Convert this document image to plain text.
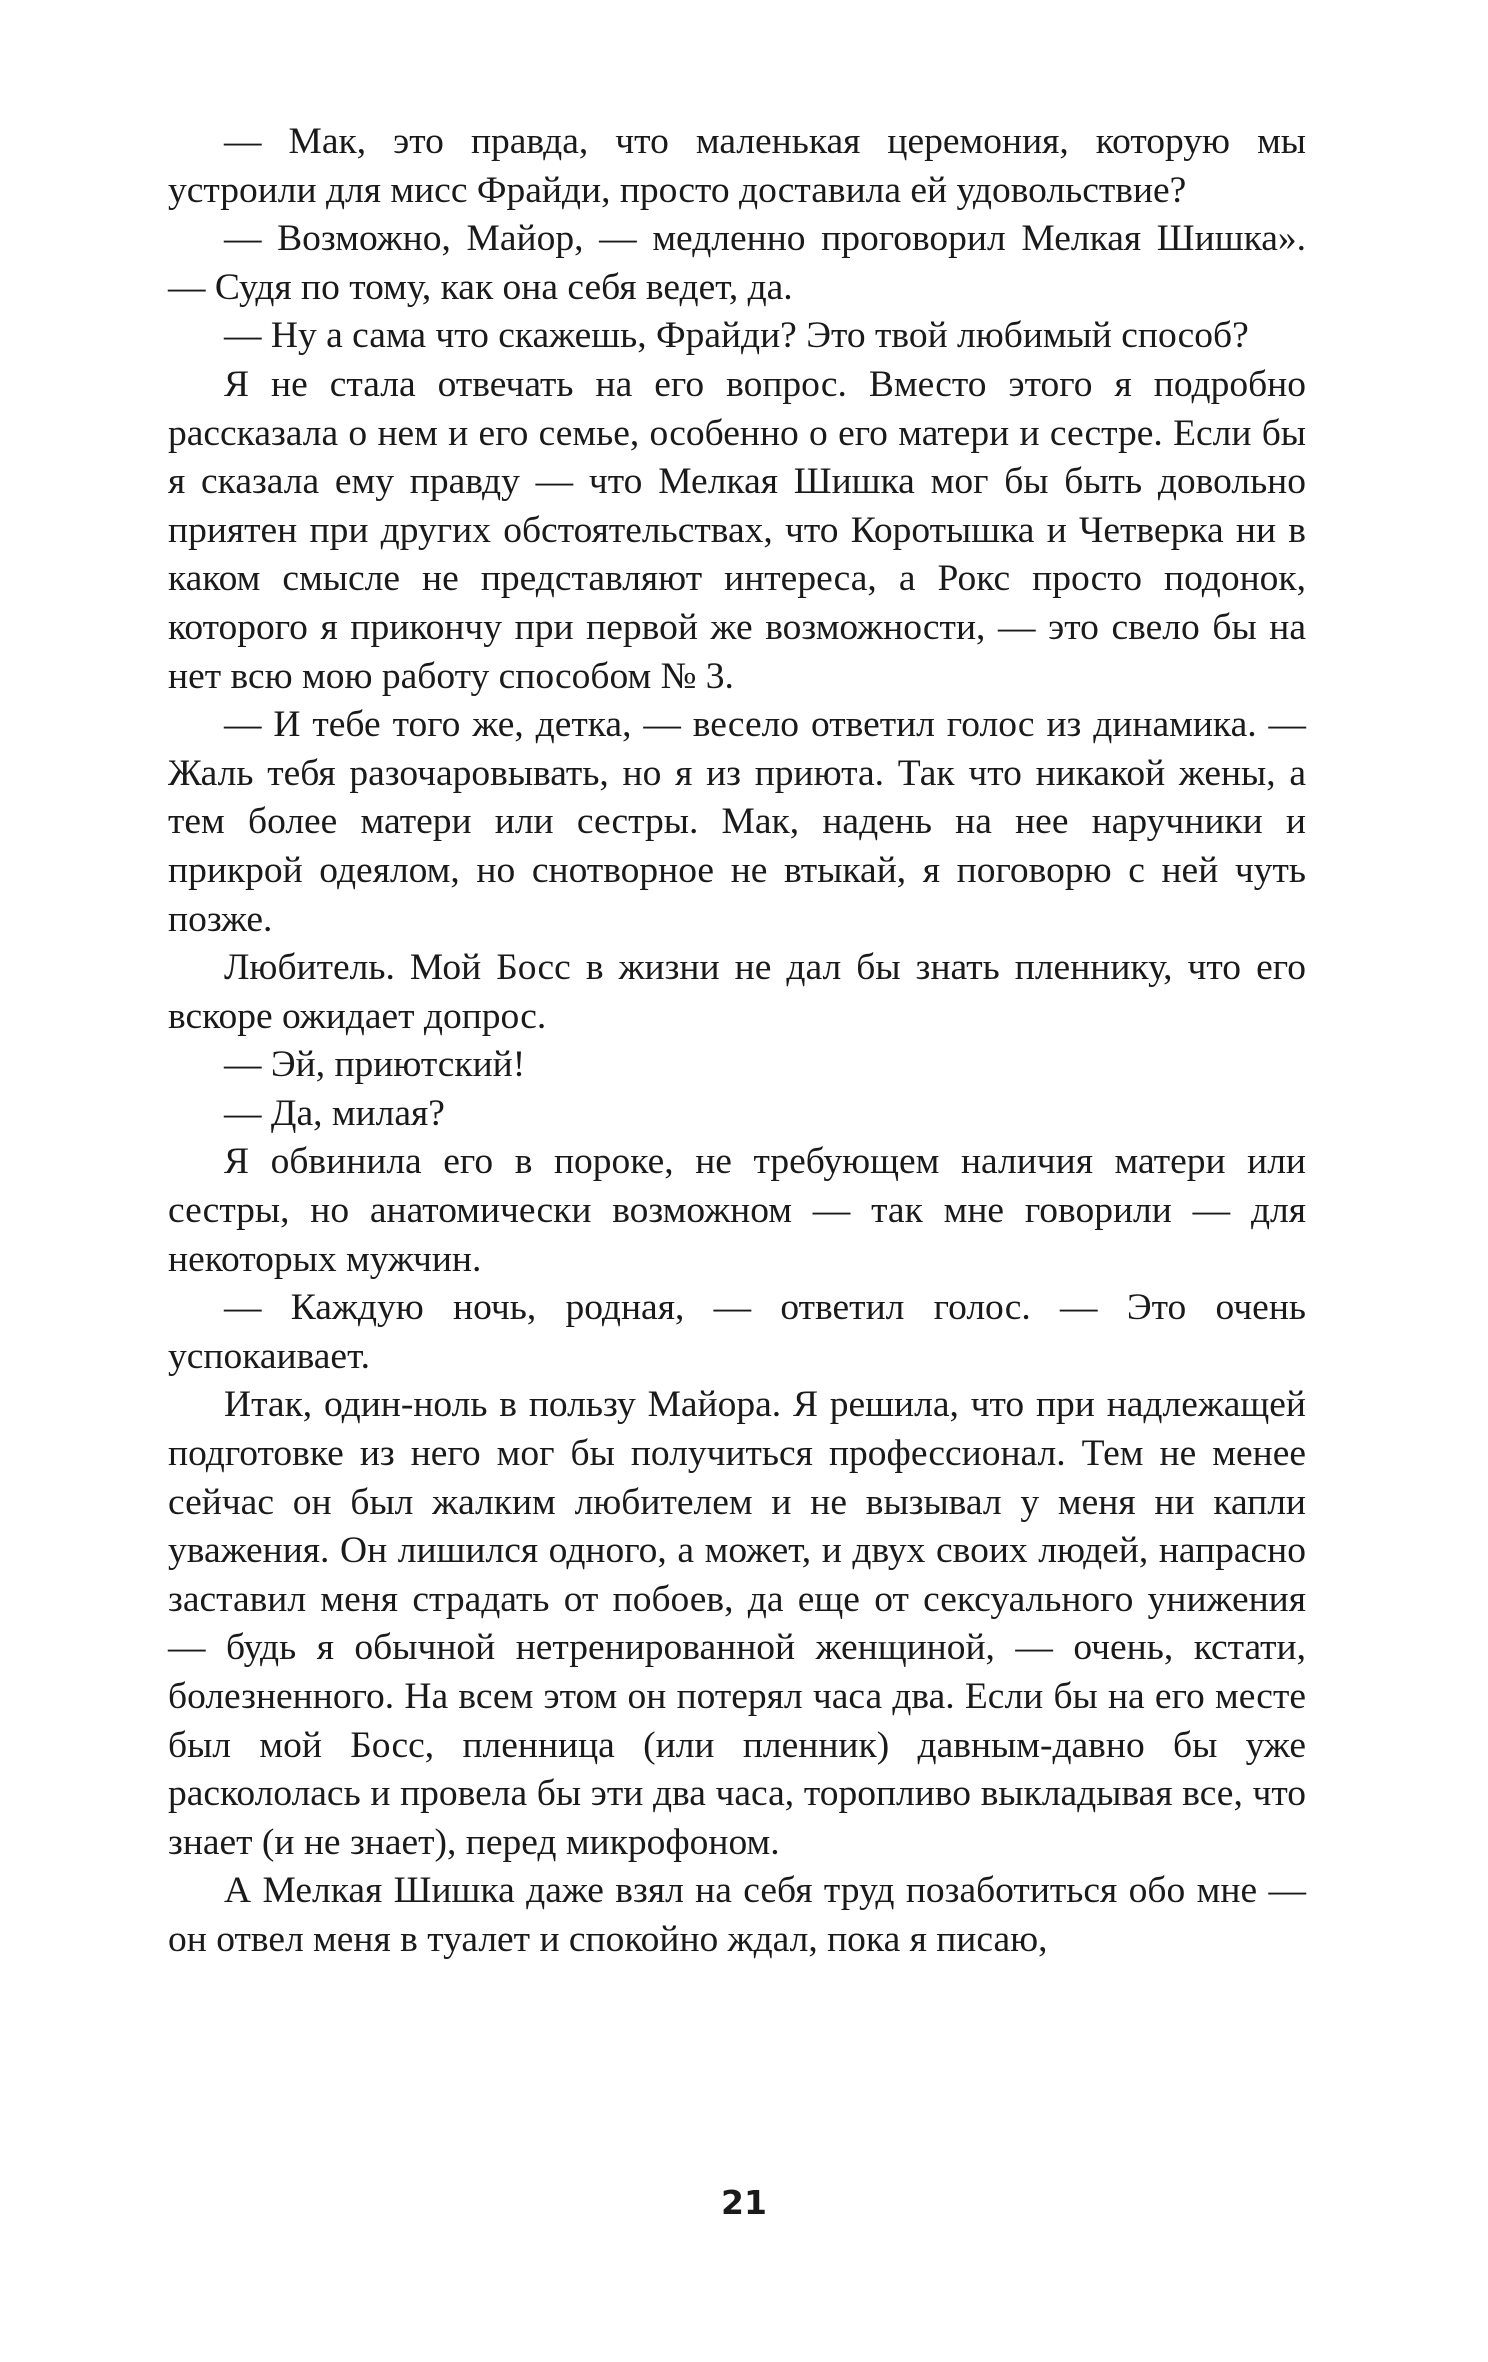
— Мак, это правда, что маленькая церемония, которую мы устроили для мисс Фрайди, просто доставила ей удовольствие?

— Возможно, Майор, — медленно проговорил Мелкая Шишка». — Судя по тому, как она себя ведет, да.

— Ну а сама что скажешь, Фрайди? Это твой любимый способ?

Я не стала отвечать на его вопрос. Вместо этого я подробно рассказала о нем и его семье, особенно о его матери и сестре. Если бы я сказала ему правду — что Мелкая Шишка мог бы быть довольно приятен при других обстоятельствах, что Коротышка и Четверка ни в каком смысле не представляют интереса, а Рокс просто подонок, которого я прикончу при первой же возможности, — это свело бы на нет всю мою работу способом № 3.

— И тебе того же, детка, — весело ответил голос из динамика. — Жаль тебя разочаровывать, но я из приюта. Так что никакой жены, а тем более матери или сестры. Мак, надень на нее наручники и прикрой одеялом, но снотворное не втыкай, я поговорю с ней чуть позже.

Любитель. Мой Босс в жизни не дал бы знать пленнику, что его вскоре ожидает допрос.

— Эй, приютский!

— Да, милая?

Я обвинила его в пороке, не требующем наличия матери или сестры, но анатомически возможном — так мне говорили — для некоторых мужчин.

— Каждую ночь, родная, — ответил голос. — Это очень успокаивает.

Итак, один-ноль в пользу Майора. Я решила, что при надлежащей подготовке из него мог бы получиться профессионал. Тем не менее сейчас он был жалким любителем и не вызывал у меня ни капли уважения. Он лишился одного, а может, и двух своих людей, напрасно заставил меня страдать от побоев, да еще от сексуального унижения — будь я обычной нетренированной женщиной, — очень, кстати, болезненного. На всем этом он потерял часа два. Если бы на его месте был мой Босс, пленница (или пленник) давным-давно бы уже раскололась и провела бы эти два часа, торопливо выкладывая все, что знает (и не знает), перед микрофоном.

А Мелкая Шишка даже взял на себя труд позаботиться обо мне — он отвел меня в туалет и спокойно ждал, пока я писаю,

21
